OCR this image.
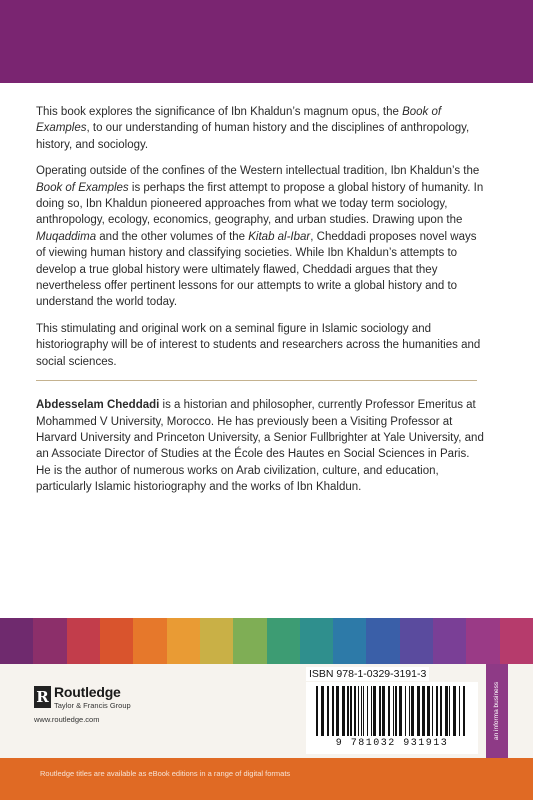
This book explores the significance of Ibn Khaldun’s magnum opus, the Book of Examples, to our understanding of human history and the disciplines of anthropology, history, and sociology.

Operating outside of the confines of the Western intellectual tradition, Ibn Khaldun’s the Book of Examples is perhaps the first attempt to propose a global history of humanity. In doing so, Ibn Khaldun pioneered approaches from what we today term sociology, anthropology, ecology, economics, geography, and urban studies. Drawing upon the Muqaddima and the other volumes of the Kitab al-Ibar, Cheddadi proposes novel ways of viewing human history and classifying societies. While Ibn Khaldun’s attempts to develop a true global history were ultimately flawed, Cheddadi argues that they nevertheless offer pertinent lessons for our attempts to write a global history and to understand the world today.

This stimulating and original work on a seminal figure in Islamic sociology and historiography will be of interest to students and researchers across the humanities and social sciences.

Abdesselam Cheddadi is a historian and philosopher, currently Professor Emeritus at Mohammed V University, Morocco. He has previously been a Visiting Professor at Harvard University and Princeton University, a Senior Fullbrighter at Yale University, and an Associate Director of Studies at the École des Hautes en Social Sciences in Paris. He is the author of numerous works on Arab civilization, culture, and education, particularly Islamic historiography and the works of Ibn Khaldun.

R Routledge
Taylor & Francis Group
www.routledge.com
ISBN 978-1-0329-3191-3
9 781032 931913
an informa business
Routledge titles are available as eBook editions in a range of digital formats
